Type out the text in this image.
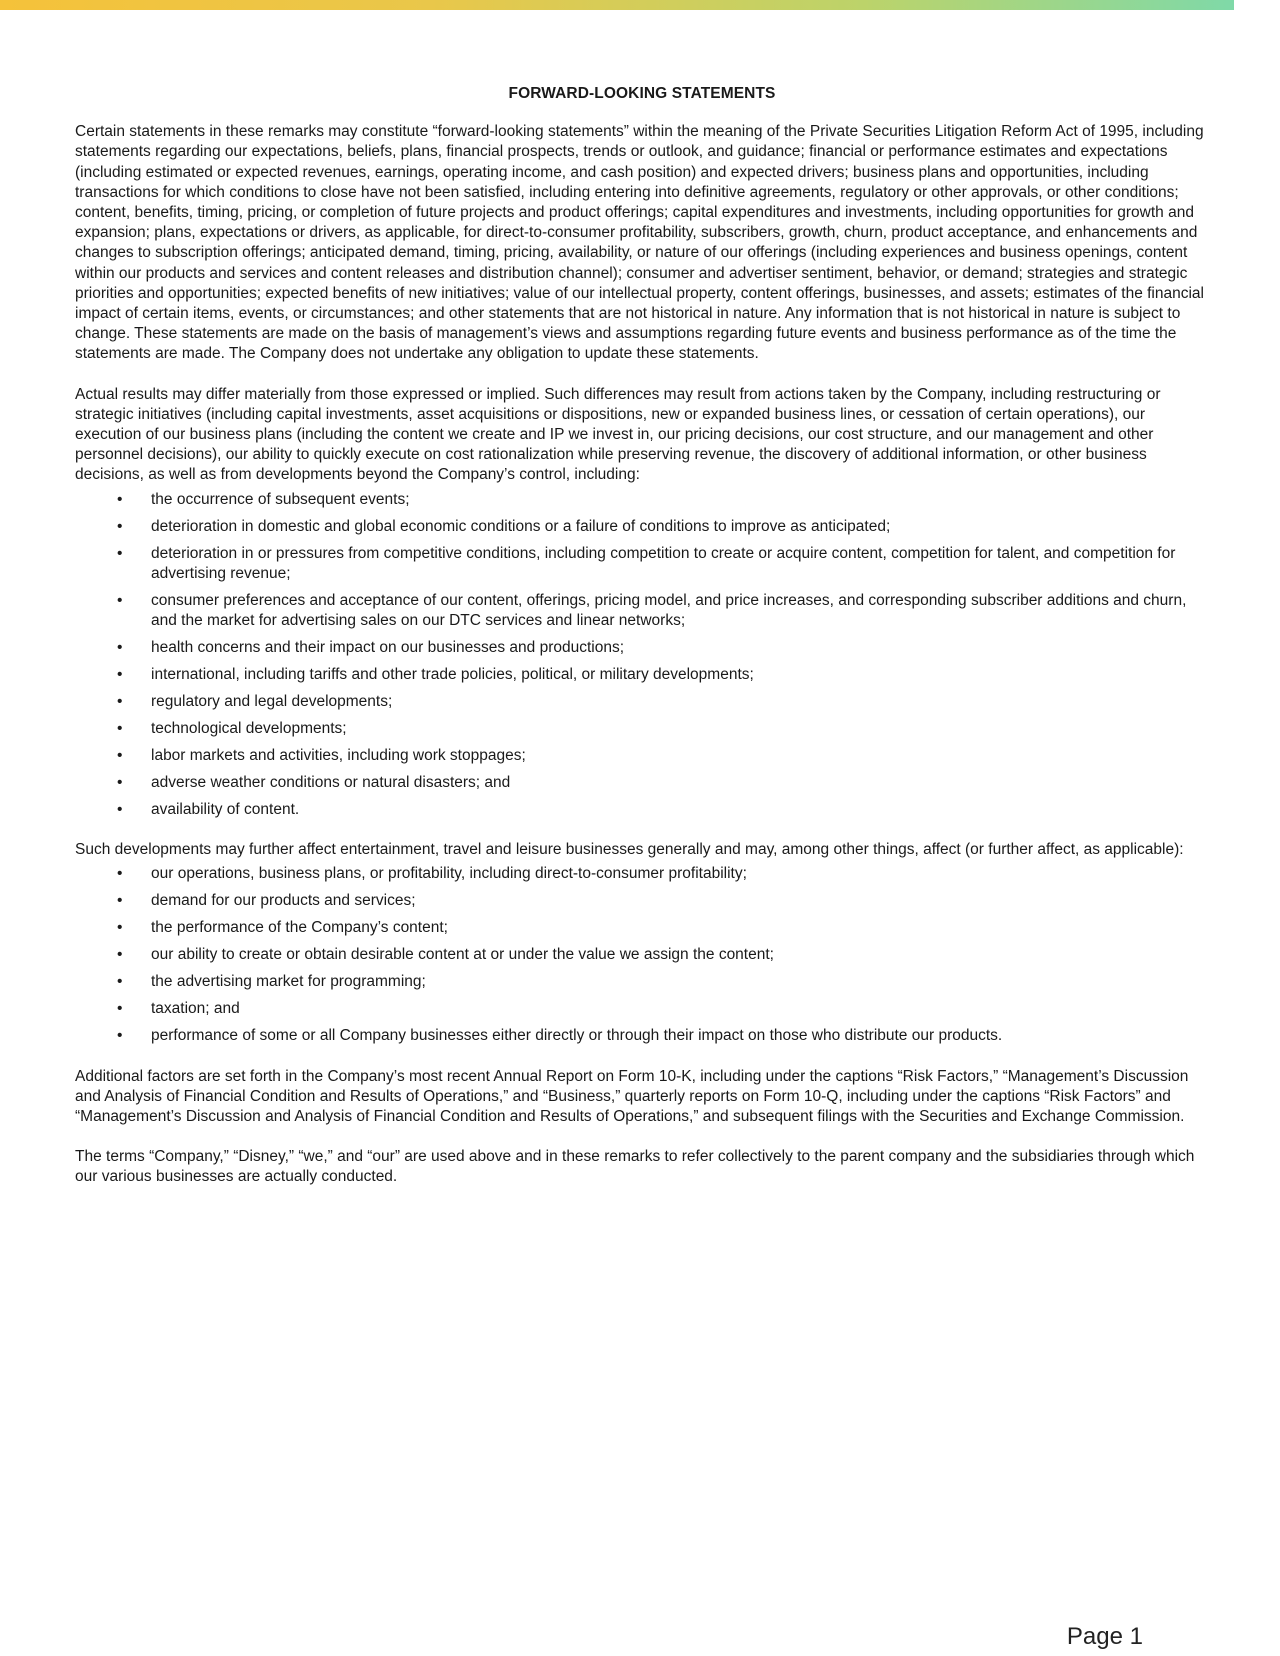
FORWARD-LOOKING STATEMENTS

Certain statements in these remarks may constitute “forward-looking statements” within the meaning of the Private Securities Litigation Reform Act of 1995, including statements regarding our expectations, beliefs, plans, financial prospects, trends or outlook, and guidance; financial or performance estimates and expectations (including estimated or expected revenues, earnings, operating income, and cash position) and expected drivers; business plans and opportunities, including transactions for which conditions to close have not been satisfied, including entering into definitive agreements, regulatory or other approvals, or other conditions; content, benefits, timing, pricing, or completion of future projects and product offerings; capital expenditures and investments, including opportunities for growth and expansion; plans, expectations or drivers, as applicable, for direct-to-consumer profitability, subscribers, growth, churn, product acceptance, and enhancements and changes to subscription offerings; anticipated demand, timing, pricing, availability, or nature of our offerings (including experiences and business openings, content within our products and services and content releases and distribution channel); consumer and advertiser sentiment, behavior, or demand; strategies and strategic priorities and opportunities; expected benefits of new initiatives; value of our intellectual property, content offerings, businesses, and assets; estimates of the financial impact of certain items, events, or circumstances; and other statements that are not historical in nature. Any information that is not historical in nature is subject to change. These statements are made on the basis of management’s views and assumptions regarding future events and business performance as of the time the statements are made. The Company does not undertake any obligation to update these statements.

Actual results may differ materially from those expressed or implied. Such differences may result from actions taken by the Company, including restructuring or strategic initiatives (including capital investments, asset acquisitions or dispositions, new or expanded business lines, or cessation of certain operations), our execution of our business plans (including the content we create and IP we invest in, our pricing decisions, our cost structure, and our management and other personnel decisions), our ability to quickly execute on cost rationalization while preserving revenue, the discovery of additional information, or other business decisions, as well as from developments beyond the Company’s control, including:

• the occurrence of subsequent events;
• deterioration in domestic and global economic conditions or a failure of conditions to improve as anticipated;
• deterioration in or pressures from competitive conditions, including competition to create or acquire content, competition for talent, and competition for advertising revenue;
• consumer preferences and acceptance of our content, offerings, pricing model, and price increases, and corresponding subscriber additions and churn, and the market for advertising sales on our DTC services and linear networks;
• health concerns and their impact on our businesses and productions;
• international, including tariffs and other trade policies, political, or military developments;
• regulatory and legal developments;
• technological developments;
• labor markets and activities, including work stoppages;
• adverse weather conditions or natural disasters; and
• availability of content.

Such developments may further affect entertainment, travel and leisure businesses generally and may, among other things, affect (or further affect, as applicable):

• our operations, business plans, or profitability, including direct-to-consumer profitability;
• demand for our products and services;
• the performance of the Company’s content;
• our ability to create or obtain desirable content at or under the value we assign the content;
• the advertising market for programming;
• taxation; and
• performance of some or all Company businesses either directly or through their impact on those who distribute our products.

Additional factors are set forth in the Company’s most recent Annual Report on Form 10-K, including under the captions “Risk Factors,” “Management’s Discussion and Analysis of Financial Condition and Results of Operations,” and “Business,” quarterly reports on Form 10-Q, including under the captions “Risk Factors” and “Management’s Discussion and Analysis of Financial Condition and Results of Operations,” and subsequent filings with the Securities and Exchange Commission.

The terms “Company,” “Disney,” “we,” and “our” are used above and in these remarks to refer collectively to the parent company and the subsidiaries through which our various businesses are actually conducted.

Page 1
